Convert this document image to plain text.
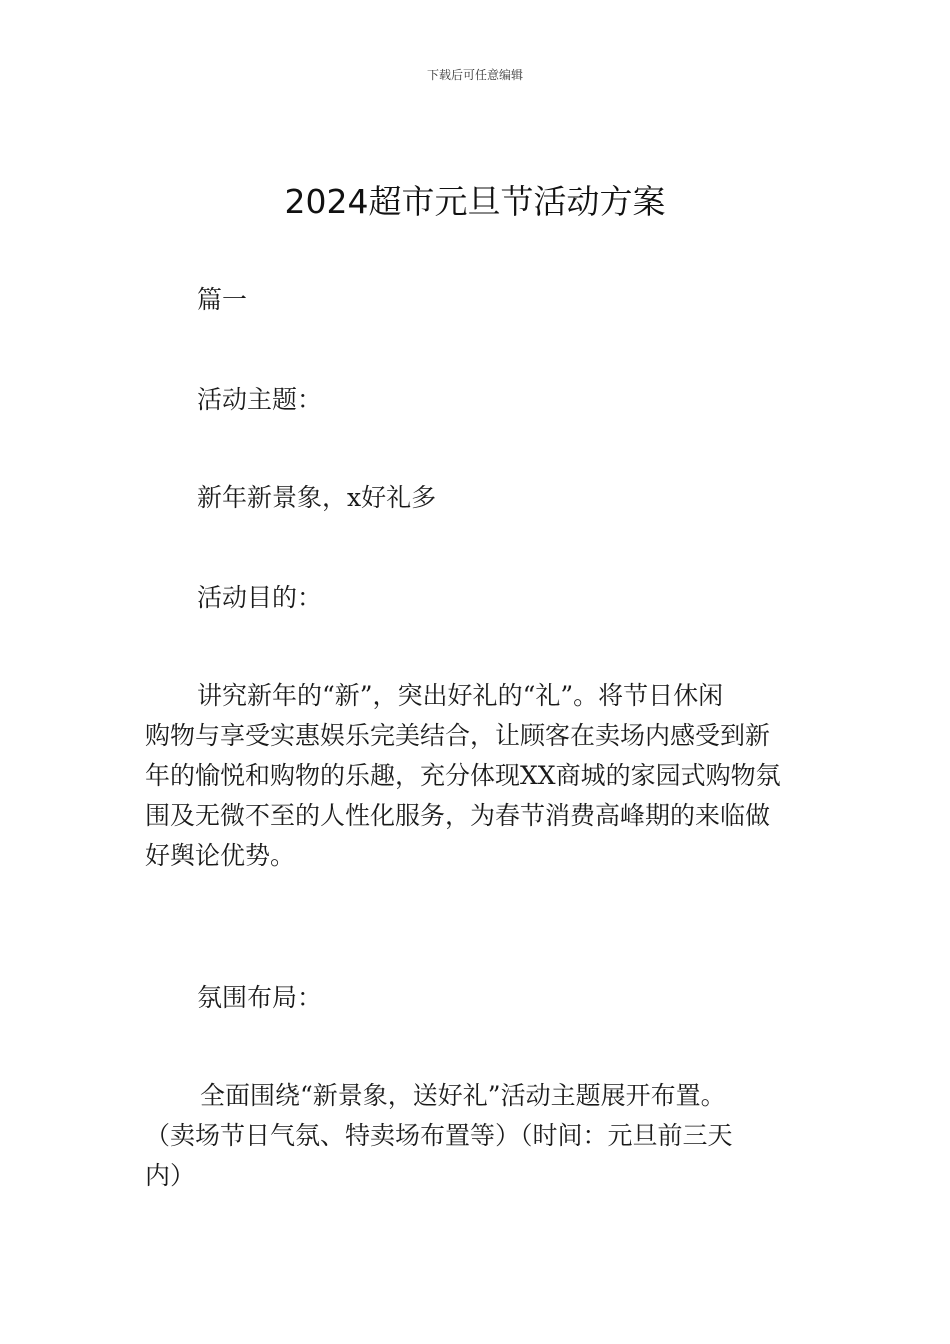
下载后可任意编辑
2024超市元旦节活动方案

篇一

活动主题：

新年新景象，x好礼多

活动目的：

讲究新年的“新”，突出好礼的“礼”。将节日休闲
购物与享受实惠娱乐完美结合，让顾客在卖场内感受到新
年的愉悦和购物的乐趣，充分体现XX商城的家园式购物氛
围及无微不至的人性化服务，为春节消费高峰期的来临做
好舆论优势。

氛围布局：

全面围绕“新景象，送好礼”活动主题展开布置。
（卖场节日气氛、特卖场布置等）（时间：元旦前三天
内）
